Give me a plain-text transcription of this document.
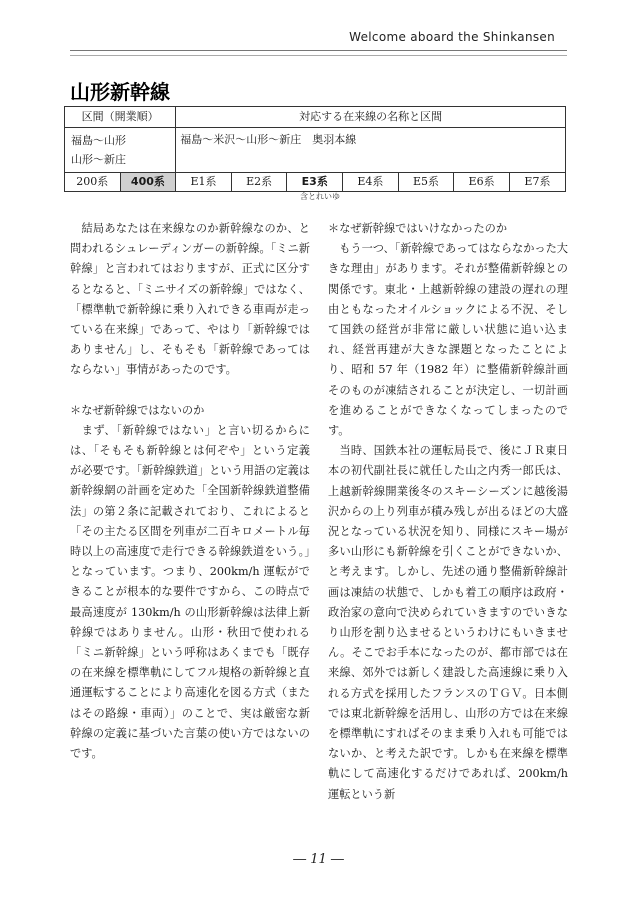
Welcome aboard the Shinkansen
山形新幹線
区間（開業順）		対応する在来線の名称と区間						

福島〜山形
山形〜新庄		福島〜米沢〜山形〜新庄　奥羽本線						
200系	400系	E1系	E2系	E3系	E4系	E5系	E6系	E7系
含とれいゆ

　結局あなたは在来線なのか新幹線なのか、と問われるシュレーディンガーの新幹線。「ミニ新幹線」と言われてはおりますが、正式に区分するとなると、「ミニサイズの新幹線」ではなく、「標準軌で新幹線に乗り入れできる車両が走っている在来線」であって、やはり「新幹線ではありません」し、そもそも「新幹線であってはならない」事情があったのです。

＊なぜ新幹線ではないのか

　まず、「新幹線ではない」と言い切るからには、「そもそも新幹線とは何ぞや」という定義が必要です。「新幹線鉄道」という用語の定義は新幹線網の計画を定めた「全国新幹線鉄道整備法」の第２条に記載されており、これによると「その主たる区間を列車が二百キロメートル毎時以上の高速度で走行できる幹線鉄道をいう。」となっています。つまり、200km/h 運転ができることが根本的な要件ですから、この時点で最高速度が 130km/h の山形新幹線は法律上新幹線ではありません。山形・秋田で使われる「ミニ新幹線」という呼称はあくまでも「既存の在来線を標準軌にしてフル規格の新幹線と直通運転することにより高速化を図る方式（またはその路線・車両）」のことで、実は厳密な新幹線の定義に基づいた言葉の使い方ではないのです。

＊なぜ新幹線ではいけなかったのか

　もう一つ、「新幹線であってはならなかった大きな理由」があります。それが整備新幹線との関係です。東北・上越新幹線の建設の遅れの理由ともなったオイルショックによる不況、そして国鉄の経営が非常に厳しい状態に追い込まれ、経営再建が大きな課題となったことにより、昭和 57 年（1982 年）に整備新幹線計画そのものが凍結されることが決定し、一切計画を進めることができなくなってしまったのです。

　当時、国鉄本社の運転局長で、後にＪＲ東日本の初代副社長に就任した山之内秀一郎氏は、上越新幹線開業後冬のスキーシーズンに越後湯沢からの上り列車が積み残しが出るほどの大盛況となっている状況を知り、同様にスキー場が多い山形にも新幹線を引くことができないか、と考えます。しかし、先述の通り整備新幹線計画は凍結の状態で、しかも着工の順序は政府・政治家の意向で決められていきますのでいきなり山形を割り込ませるというわけにもいきません。そこでお手本になったのが、都市部では在来線、郊外では新しく建設した高速線に乗り入れる方式を採用したフランスのＴＧＶ。日本側では東北新幹線を活用し、山形の方では在来線を標準軌にすればそのまま乗り入れも可能ではないか、と考えた訳です。しかも在来線を標準軌にして高速化するだけであれば、200km/h 運転という新

― 11 ―
